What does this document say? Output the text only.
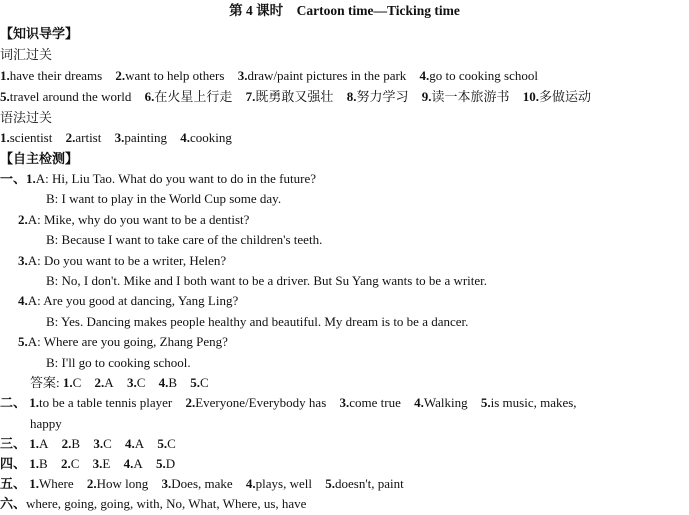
第 4 课时　Cartoon time—Ticking time
【知识导学】
词汇过关
1.have their dreams 2.want to help others 3.draw/paint pictures in the park 4.go to cooking school
5.travel around the world 6.在火星上行走 7.既勇敢又强壮 8.努力学习 9.读一本旅游书 10.多做运动
语法过关
1.scientist 2.artist 3.painting 4.cooking
【自主检测】
一、1.A: Hi, Liu Tao. What do you want to do in the future?
B: I want to play in the World Cup some day.
2.A: Mike, why do you want to be a dentist?
B: Because I want to take care of the children's teeth.
3.A: Do you want to be a writer, Helen?
B: No, I don't. Mike and I both want to be a driver. But Su Yang wants to be a writer.
4.A: Are you good at dancing, Yang Ling?
B: Yes. Dancing makes people healthy and beautiful. My dream is to be a dancer.
5.A: Where are you going, Zhang Peng?
B: I'll go to cooking school.
答案: 1.C 2.A 3.C 4.B 5.C
二、 1.to be a table tennis player 2.Everyone/Everybody has 3.come true 4.Walking 5.is music, makes,
happy
三、 1.A 2.B 3.C 4.A 5.C
四、 1.B 2.C 3.E 4.A 5.D
五、 1.Where 2.How long 3.Does, make 4.plays, well 5.doesn't, paint
六、where, going, going, with, No, What, Where, us, have
